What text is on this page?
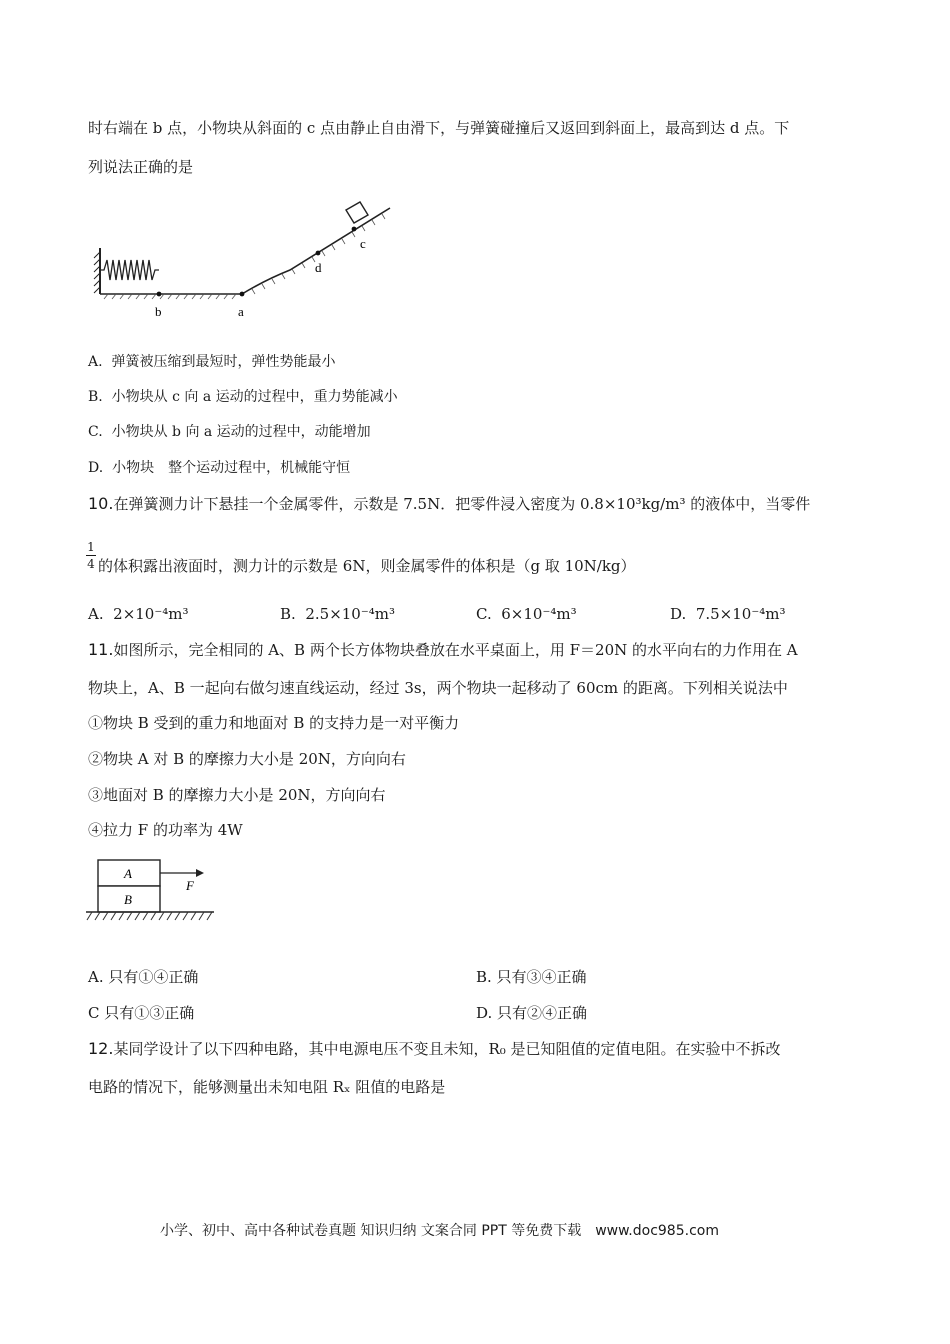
时右端在 b 点，小物块从斜面的 c 点由静止自由滑下，与弹簧碰撞后又返回到斜面上，最高到达 d 点。下
列说法正确的是
b	a
d
c
A. 弹簧被压缩到最短时，弹性势能最小
B. 小物块从 c 向 a 运动的过程中，重力势能减小
C. 小物块从 b 向 a 运动的过程中，动能增加
D. 小物块　整个运动过程中，机械能守恒
10.在弹簧测力计下悬挂一个金属零件，示数是 7.5N．把零件浸入密度为 0.8×10³kg/m³ 的液体中，当零件
1
4 的体积露出液面时，测力计的示数是 6N，则金属零件的体积是（g 取 10N/kg）
A. 2×10⁻⁴m³	B. 2.5×10⁻⁴m³	C. 6×10⁻⁴m³	D. 7.5×10⁻⁴m³
11.如图所示，完全相同的 A、B 两个长方体物块叠放在水平桌面上，用 F＝20N 的水平向右的力作用在 A
物块上，A、B 一起向右做匀速直线运动，经过 3s，两个物块一起移动了 60cm 的距离。下列相关说法中
①物块 B 受到的重力和地面对 B 的支持力是一对平衡力
②物块 A 对 B 的摩擦力大小是 20N，方向向右
③地面对 B 的摩擦力大小是 20N，方向向右
④拉力 F 的功率为 4W
A
B
F
A. 只有①④正确	B. 只有③④正确
C 只有①③正确	D. 只有②④正确
12.某同学设计了以下四种电路，其中电源电压不变且未知，R₀ 是已知阻值的定值电阻。在实验中不拆改
电路的情况下，能够测量出未知电阻 Rₓ 阻值的电路是
小学、初中、高中各种试卷真题 知识归纳 文案合同 PPT 等免费下载　www.doc985.com
